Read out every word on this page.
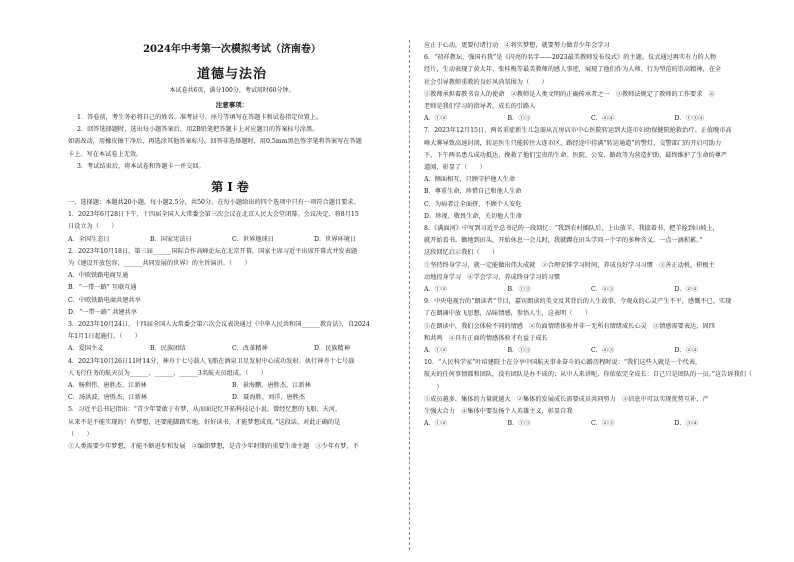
2024年中考第一次模拟考试（济南卷）
道德与法治
本试卷共6页，满分100分，考试用时60分钟。
注意事项：
1．答卷前，考生务必将自己的姓名、准考证号、座号等填写在答题卡和试卷指定位置上。
2．回答选择题时，选出每小题答案后，用2B铅笔把答题卡上对应题目的答案标号涂黑。
如需改动，用橡皮擦干净后，再选涂其他答案标号。回答非选择题时，用0.5mm黑色签字笔将答案写在答题
卡上。写在本试卷上无效。
3．考试结束后，将本试卷和答题卡一并交回。
第Ⅰ卷
一、选择题：本题共20小题，每小题2.5分，共50分。在每小题给出的四个选项中只有一项符合题目要求。
1．2023年6月28日下午，十四届全国人大常委会第三次会议在北京人民大会堂闭幕。会议决定，将8月15
日设立为（　　）
A．全国生态日	B．国家宪法日	C．世界地球日	D．世界环境日
2．2023年10月18日，第三届______国际合作高峰论坛在北京开幕，国家主席习近平出席开幕式并发表题
为《建设开放包容、______共同发展的世界》的主旨演讲。（　　）
A．中欧铁路电商互通
B．“一带一路” 互联互通
C．中欧铁路电商共建共享
D．“一带一路” 共建共享
3．2023年10月24日，十四届全国人大常委会第六次会议表决通过《中华人民共和国______教育法》，自2024
年1月1日起施行。（　　）
A．爱国主义	B．民族团结	C．改革精神	D．民族精神
4．2023年10月26日11时14分，神舟十七号载人飞船在酒泉卫星发射中心成功发射。执行神舟十七号载
人飞行任务的航天员为______、______、______3名航天员组成。（　　）
A．杨利伟、唐胜杰、江新林	B．景海鹏、唐胜杰、江新林
C．汤洪波、唐胜杰、江新林	D．聂海胜、刘洋、唐胜杰
5．习近平总书记指出：“青少年要敢于有梦，从而面记忆开拓科技记小说，曾经忆想的飞船、天河，
从来不是不能实现的！有梦想，还要能脚踏实地，好好读书，才能梦想成真。”这段话，对此正确的是
（　　）
①人类需要少年梦想，才能不断进步和发展　②编织梦想，是青少年时期的重要生命主题　③少年有梦，不
应止于心动，更要付诸行动　④将实梦想，就要努力做青少年会学习
6．“初祥教坛，强国有我”是《闪亮的名字——2023最美教师发布仪式》的主题。仪式通过再实有力的人物
经片，生动表现了黄大年、张桂梅等最美教师的感人事迹，展现了他们作为人师、行为型范的崇高精神，在全
社会引导教师重教的良好风尚氛围为（　　）
①教师承担着教书育人的使命　②教师是人类文明的正确传承者之一　③教师法规定了教师的工作要求　④
老师是我们学习的指导者，成长的引路人
A．①②	B．①③	C．②④	D．①③④
7．2023年12月15日，两名重症新生儿急需从瓦房店市中心医院转运到大连市妇幼保健院抢救治疗。正值晚市高
峰大雾导致高速封闭，转运医生只能转往大连市区，路经途中挂满“转运通道”的警灯，交警部门的开启可助力
下，下午两名患儿成功抵达，挽救了他们宝贵的生命。医院、公安、路政等为营造护助，最终维护了生命的尊严
道闻，彰显了（　　）
A．侧面相互，只顾守护他人生命
B．尊重生命，珍惜自己和他人生命
C．为病者让全面挤，不顾个人安危
D．珍视、敬畏生命，关切他人生命
8．《满面河》中写到习近平总书记的一段回忆：“我到农村插队后，上山放羊，我揣着书，把羊拴到山坡上，
就开始看书。锄地到田头，开始休息一会儿时，我就蹲在田头学问一个字的多种含义，一点一滴积累。”
这段回忆启示我们（　　）
①坚持终身学习，就一定能做出伟大成就　②合理安排学习时间，养成良好学习习惯　③善正动机，积极主
动地投身学习　④学会学习，养成终身学习的习惯
A．①②	B．①③	C．②③	D．②④
9．中央电视台的“朗读者”节目，嘉宾朗读的美文及其背后的人生故事，令观众的心灵产生不平，感慨不已。实现
了在朗诵中放飞思想，品味情感，参悟人生，这表明（　　）
①在朗读中，我们会体验不同的情感　②负面情绪体验并非一无所有情绪成长心灵　③情感需要表达，固四
和共鸣　④具有正面的情感体验才有益于成长
A．①②	B．①③	C．②③	D．②④
10．“人民科学家”叶培建院士在分享中国航天事业奋斗的心路历程时说：“我们这些人就是一个代表，
航天的任何事情都和团队，没有团队是办不成的；从中人来讲呢，你依依完全成长：自己只是团队的一员。”这告诉我们（
　　）
①成员越多，集体的力量就越大　②集体的发展成长需要成员共同努力　③信息中可以实现优势互补，产
生强大合力　④集体中要发扬个人英雄主义，彰显自我
A．①②	B．①③	C．②③	D．③④
